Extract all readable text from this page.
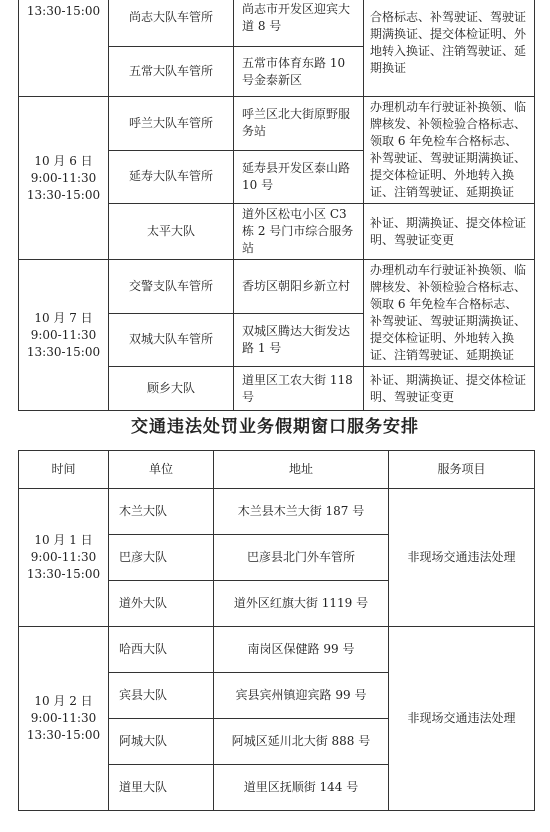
13:30-15:00	尚志大队车管所	尚志市开发区迎宾大道 8 号	合格标志、补驾驶证、驾驶证期满换证、提交体检证明、外地转入换证、注销驾驶证、延期换证
	五常大队车管所	五常市体育东路 10 号金泰新区	
10 月 6 日
9:00-11:30
13:30-15:00	呼兰大队车管所	呼兰区北大街原野服务站	办理机动车行驶证补换领、临牌核发、补领检验合格标志、领取 6 年免检车合格标志、补驾驶证、驾驶证期满换证、提交体检证明、外地转入换证、注销驾驶证、延期换证
	延寿大队车管所	延寿县开发区泰山路 10 号	
	太平大队	道外区松屯小区 C3 栋 2 号门市综合服务站	补证、期满换证、提交体检证明、驾驶证变更
10 月 7 日
9:00-11:30
13:30-15:00	交警支队车管所	香坊区朝阳乡新立村	办理机动车行驶证补换领、临牌核发、补领检验合格标志、领取 6 年免检车合格标志、补驾驶证、驾驶证期满换证、提交体检证明、外地转入换证、注销驾驶证、延期换证
	双城大队车管所	双城区腾达大街发达路 1 号	
	顾乡大队	道里区工农大街 118 号	补证、期满换证、提交体检证明、驾驶证变更
交通违法处罚业务假期窗口服务安排
时间	单位	地址	服务项目
10 月 1 日
9:00-11:30
13:30-15:00	木兰大队	木兰县木兰大街 187 号	非现场交通违法处理
	巴彦大队	巴彦县北门外车管所	
	道外大队	道外区红旗大街 1119 号	
10 月 2 日
9:00-11:30
13:30-15:00	哈西大队	南岗区保健路 99 号	非现场交通违法处理
	宾县大队	宾县宾州镇迎宾路 99 号	
	阿城大队	阿城区延川北大街 888 号	
	道里大队	道里区抚顺街 144 号	
